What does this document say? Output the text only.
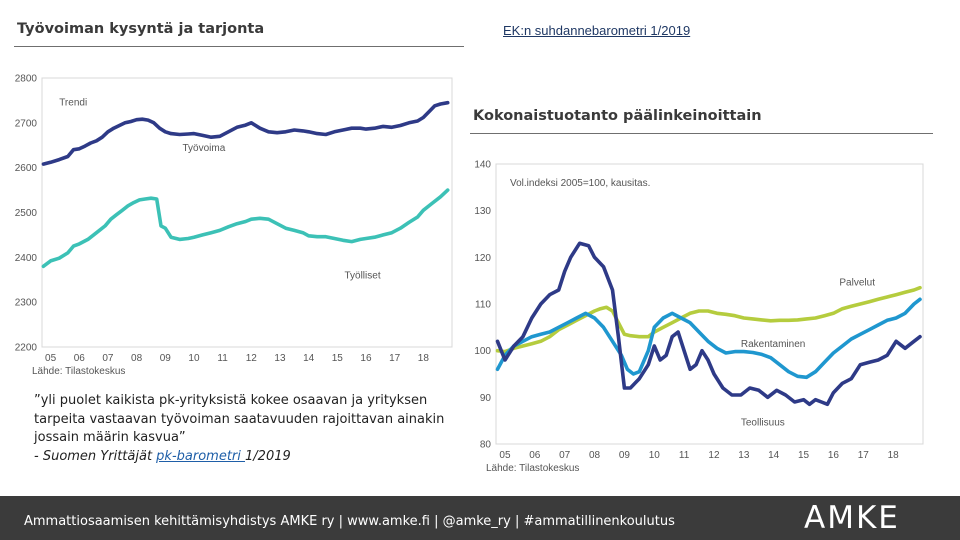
Työvoiman kysyntä ja tarjonta
2200
2300
2400
2500
2600
2700
2800
05 06 07 08 09 10 11 12 13 14 15 16 17 18
Lähde: Tilastokeskus
Trendi
Työvoima
Työlliset
EK:n suhdannebarometri 1/2019
Kokonaistuotanto päälinkeinoittain
80
90
100
110
120
130
140
05 06 07 08 09 10 11 12 13 14 15 16 17 18
Lähde: Tilastokeskus
Vol.indeksi 2005=100, kausitas.
Palvelut
Rakentaminen
Teollisuus
”yli puolet kaikista pk-yrityksistä kokee osaavan ja yrityksen tarpeita vastaavan työvoiman saatavuuden rajoittavan ainakin jossain määrin kasvua”
- Suomen Yrittäjät pk-barometri 1/2019
Ammattiosaamisen kehittämisyhdistys AMKE ry | www.amke.fi | @amke_ry | #ammatillinenkoulutus	AMKE
